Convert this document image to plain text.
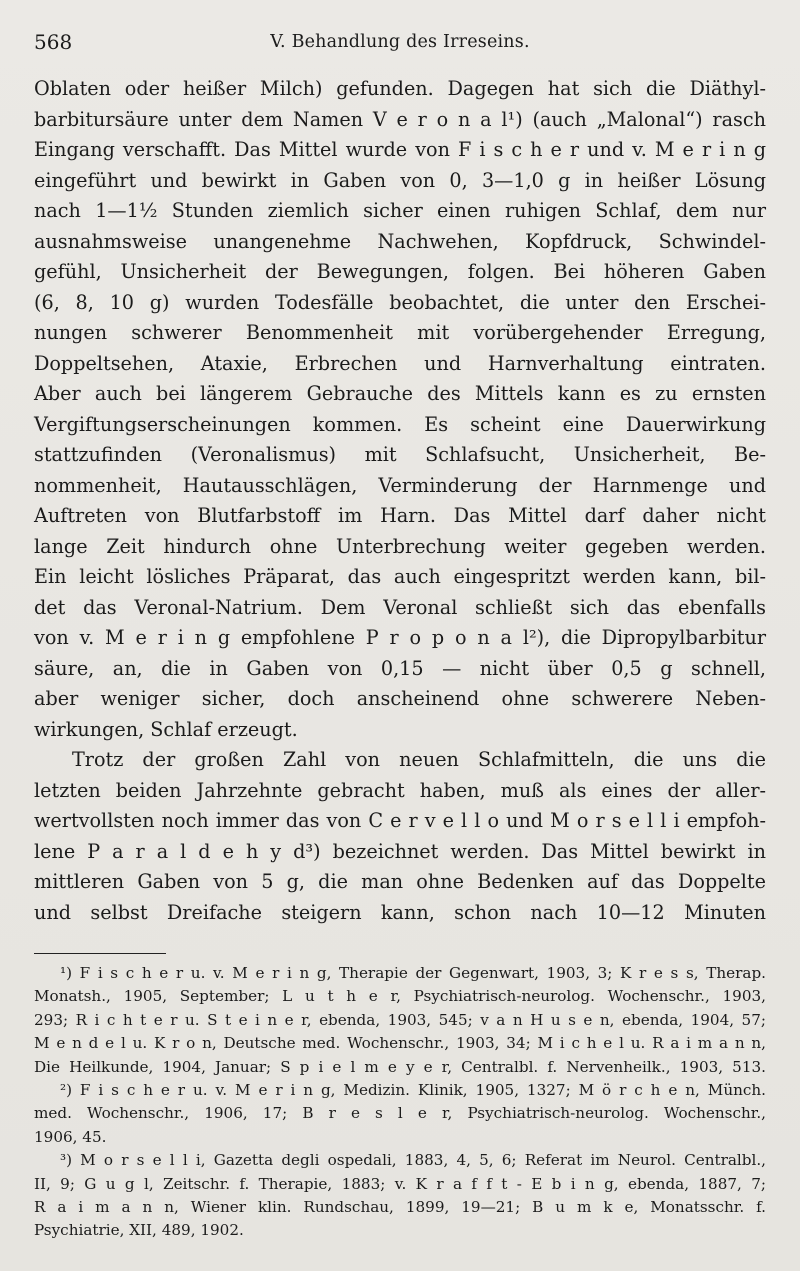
568	V. Behandlung des Irreseins.
Oblaten oder heißer Milch) gefunden. Dagegen hat sich die Diäthyl-
barbitursäure unter dem Namen V e r o n a l¹) (auch „Malonal“) rasch
Eingang verschafft. Das Mittel wurde von F i s c h e r und v. M e r i n g
eingeführt und bewirkt in Gaben von 0, 3—1,0 g in heißer Lösung
nach 1—1½ Stunden ziemlich sicher einen ruhigen Schlaf, dem nur
ausnahmsweise unangenehme Nachwehen, Kopfdruck, Schwindel-
gefühl, Unsicherheit der Bewegungen, folgen. Bei höheren Gaben
(6, 8, 10 g) wurden Todesfälle beobachtet, die unter den Erschei-
nungen schwerer Benommenheit mit vorübergehender Erregung,
Doppeltsehen, Ataxie, Erbrechen und Harnverhaltung eintraten.
Aber auch bei längerem Gebrauche des Mittels kann es zu ernsten
Vergiftungserscheinungen kommen. Es scheint eine Dauerwirkung
stattzufinden (Veronalismus) mit Schlafsucht, Unsicherheit, Be-
nommenheit, Hautausschlägen, Verminderung der Harnmenge und
Auftreten von Blutfarbstoff im Harn. Das Mittel darf daher nicht
lange Zeit hindurch ohne Unterbrechung weiter gegeben werden.
Ein leicht lösliches Präparat, das auch eingespritzt werden kann, bil-
det das Veronal-Natrium. Dem Veronal schließt sich das ebenfalls
von v. M e r i n g empfohlene P r o p o n a l²), die Dipropylbarbitur
säure, an, die in Gaben von 0,15 — nicht über 0,5 g schnell,
aber weniger sicher, doch anscheinend ohne schwerere Neben-
wirkungen, Schlaf erzeugt.
Trotz der großen Zahl von neuen Schlafmitteln, die uns die
letzten beiden Jahrzehnte gebracht haben, muß als eines der aller-
wertvollsten noch immer das von C e r v e l l o und M o r s e l l i empfoh-
lene P a r a l d e h y d³) bezeichnet werden. Das Mittel bewirkt in
mittleren Gaben von 5 g, die man ohne Bedenken auf das Doppelte
und selbst Dreifache steigern kann, schon nach 10—12 Minuten
¹) F i s c h e r u. v. M e r i n g, Therapie der Gegenwart, 1903, 3; K r e s s, Therap.
Monatsh., 1905, September; L u t h e r, Psychiatrisch-neurolog. Wochenschr., 1903,
293; R i c h t e r u. S t e i n e r, ebenda, 1903, 545; v a n H u s e n, ebenda, 1904, 57;
M e n d e l u. K r o n, Deutsche med. Wochenschr., 1903, 34; M i c h e l u. R a i m a n n,
Die Heilkunde, 1904, Januar; S p i e l m e y e r, Centralbl. f. Nervenheilk., 1903, 513.
²) F i s c h e r u. v. M e r i n g, Medizin. Klinik, 1905, 1327; M ö r c h e n, Münch.
med. Wochenschr., 1906, 17; B r e s l e r, Psychiatrisch-neurolog. Wochenschr.,
1906, 45.
³) M o r s e l l i, Gazetta degli ospedali, 1883, 4, 5, 6; Referat im Neurol. Centralbl.,
II, 9; G u g l, Zeitschr. f. Therapie, 1883; v. K r a f f t - E b i n g, ebenda, 1887, 7;
R a i m a n n, Wiener klin. Rundschau, 1899, 19—21; B u m k e, Monatsschr. f.
Psychiatrie, XII, 489, 1902.
